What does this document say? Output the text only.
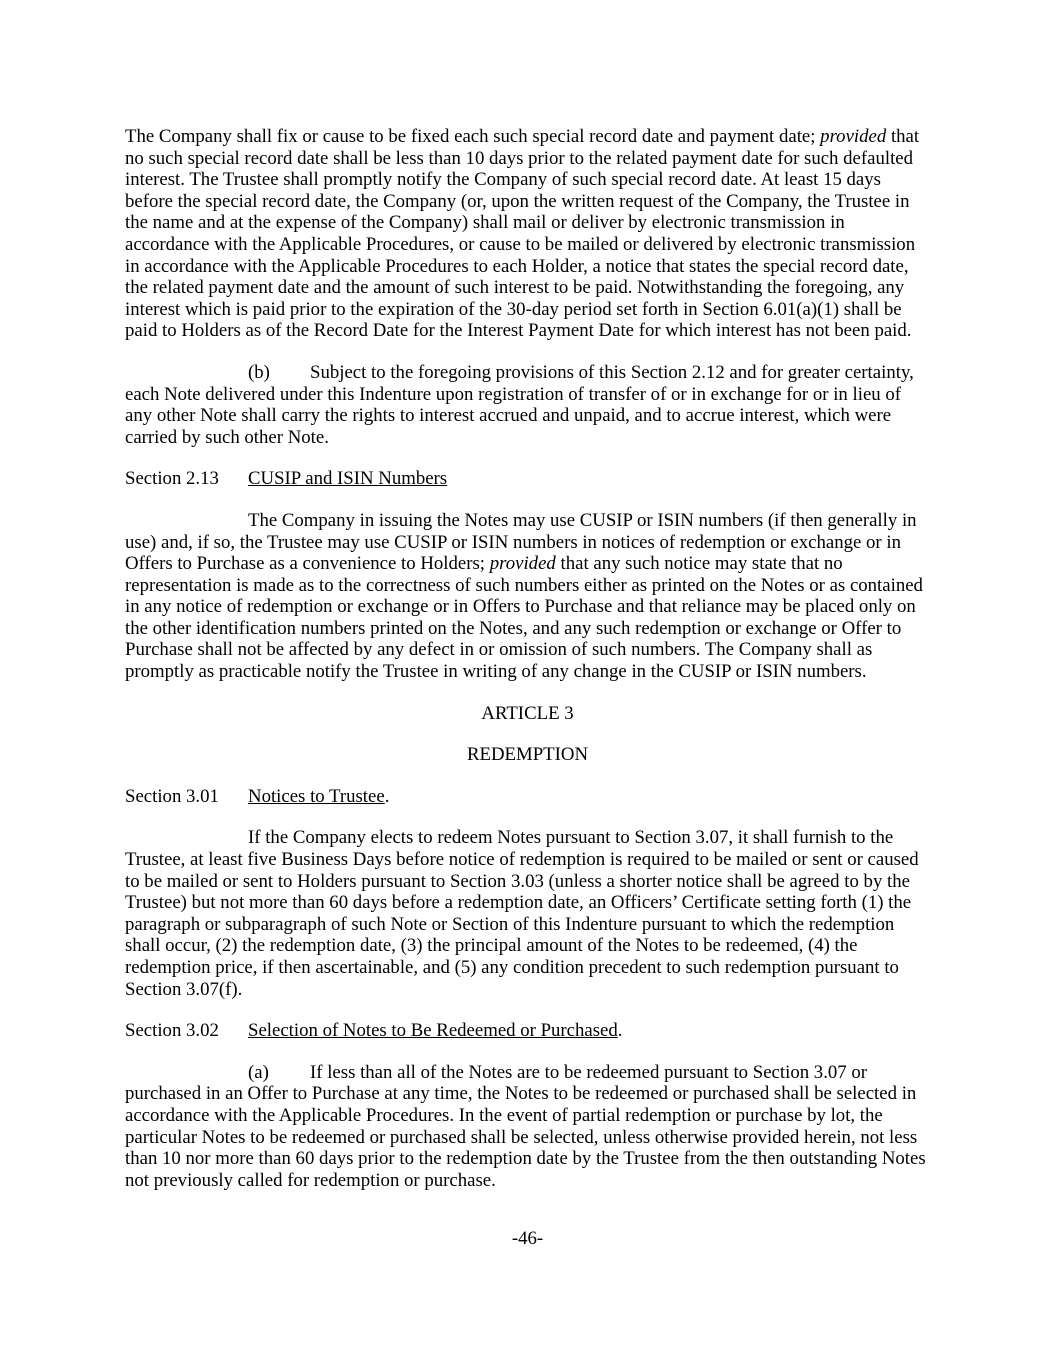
The Company shall fix or cause to be fixed each such special record date and payment date; provided that no such special record date shall be less than 10 days prior to the related payment date for such defaulted interest. The Trustee shall promptly notify the Company of such special record date. At least 15 days before the special record date, the Company (or, upon the written request of the Company, the Trustee in the name and at the expense of the Company) shall mail or deliver by electronic transmission in accordance with the Applicable Procedures, or cause to be mailed or delivered by electronic transmission in accordance with the Applicable Procedures to each Holder, a notice that states the special record date, the related payment date and the amount of such interest to be paid. Notwithstanding the foregoing, any interest which is paid prior to the expiration of the 30-day period set forth in Section 6.01(a)(1) shall be paid to Holders as of the Record Date for the Interest Payment Date for which interest has not been paid.

(b) Subject to the foregoing provisions of this Section 2.12 and for greater certainty, each Note delivered under this Indenture upon registration of transfer of or in exchange for or in lieu of any other Note shall carry the rights to interest accrued and unpaid, and to accrue interest, which were carried by such other Note.

Section 2.13 CUSIP and ISIN Numbers

The Company in issuing the Notes may use CUSIP or ISIN numbers (if then generally in use) and, if so, the Trustee may use CUSIP or ISIN numbers in notices of redemption or exchange or in Offers to Purchase as a convenience to Holders; provided that any such notice may state that no representation is made as to the correctness of such numbers either as printed on the Notes or as contained in any notice of redemption or exchange or in Offers to Purchase and that reliance may be placed only on the other identification numbers printed on the Notes, and any such redemption or exchange or Offer to Purchase shall not be affected by any defect in or omission of such numbers. The Company shall as promptly as practicable notify the Trustee in writing of any change in the CUSIP or ISIN numbers.

ARTICLE 3

REDEMPTION

Section 3.01 Notices to Trustee.

If the Company elects to redeem Notes pursuant to Section 3.07, it shall furnish to the Trustee, at least five Business Days before notice of redemption is required to be mailed or sent or caused to be mailed or sent to Holders pursuant to Section 3.03 (unless a shorter notice shall be agreed to by the Trustee) but not more than 60 days before a redemption date, an Officers’ Certificate setting forth (1) the paragraph or subparagraph of such Note or Section of this Indenture pursuant to which the redemption shall occur, (2) the redemption date, (3) the principal amount of the Notes to be redeemed, (4) the redemption price, if then ascertainable, and (5) any condition precedent to such redemption pursuant to Section 3.07(f).

Section 3.02 Selection of Notes to Be Redeemed or Purchased.

(a) If less than all of the Notes are to be redeemed pursuant to Section 3.07 or purchased in an Offer to Purchase at any time, the Notes to be redeemed or purchased shall be selected in accordance with the Applicable Procedures. In the event of partial redemption or purchase by lot, the particular Notes to be redeemed or purchased shall be selected, unless otherwise provided herein, not less than 10 nor more than 60 days prior to the redemption date by the Trustee from the then outstanding Notes not previously called for redemption or purchase.

-46-
